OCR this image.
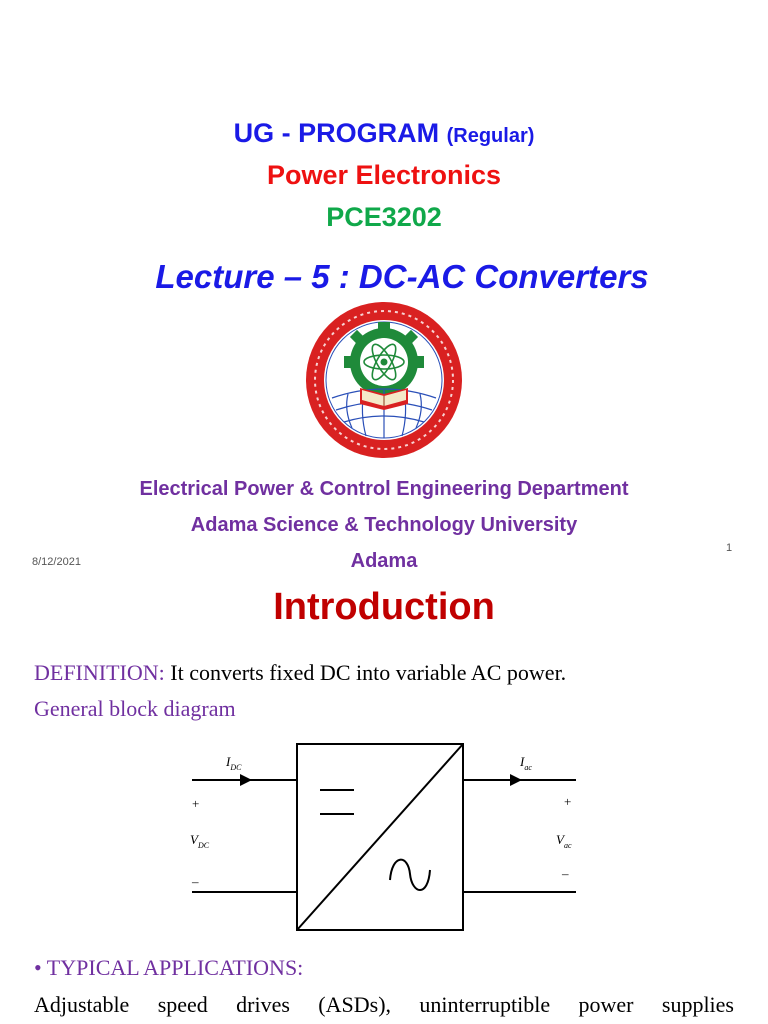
UG - PROGRAM (Regular)
Power Electronics
PCE3202
Lecture – 5 : DC-AC Converters
Electrical Power & Control Engineering Department
Adama Science & Technology University
Adama
8/12/2021
1
Introduction
DEFINITION: It converts fixed DC into variable AC power.
General block diagram
$I_{DC}$	$I_{ac}$
+	+
$V_{DC}$	$V_{ac}$
–
–
• TYPICAL APPLICATIONS:
Adjustable speed drives (ASDs), uninterruptible power supplies
